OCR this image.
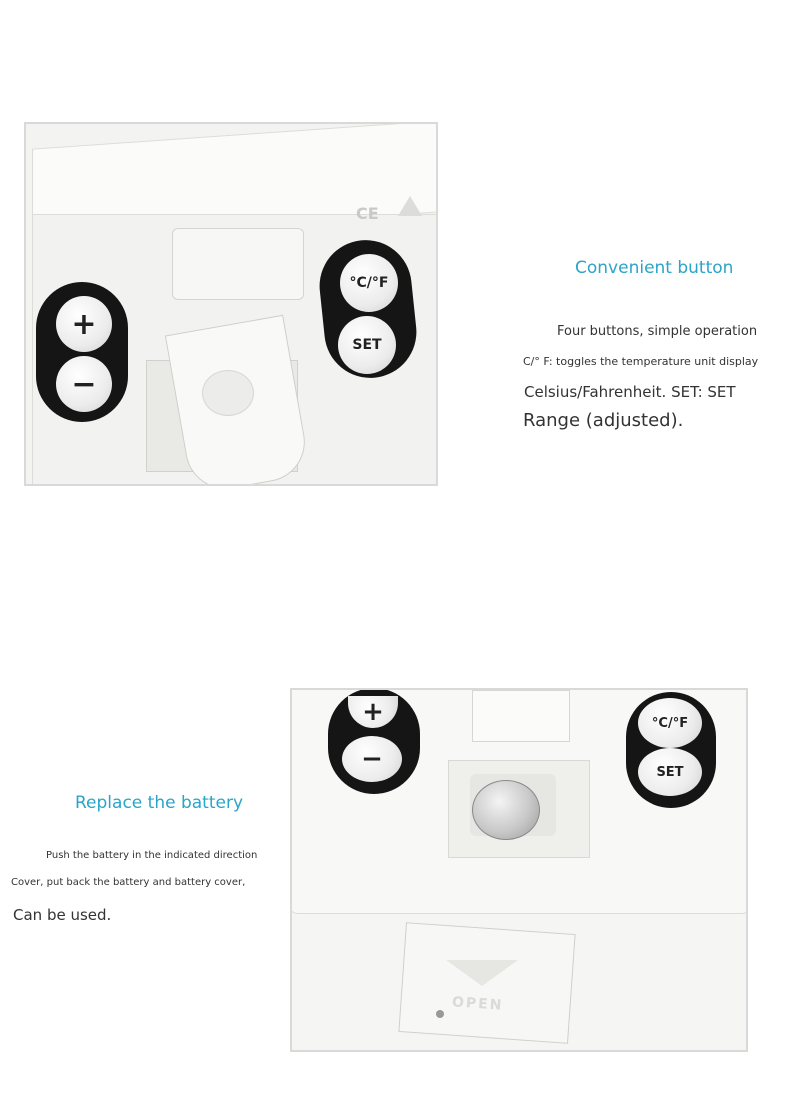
CE
+
−
°C/°F
SET
Convenient button
Four buttons, simple operation
C/° F: toggles the temperature unit display
Celsius/Fahrenheit. SET: SET
Range (adjusted).
Replace the battery
Push the battery in the indicated direction
Cover, put back the battery and battery cover,
Can be used.
+
−
°C/°F
SET
OPEN
